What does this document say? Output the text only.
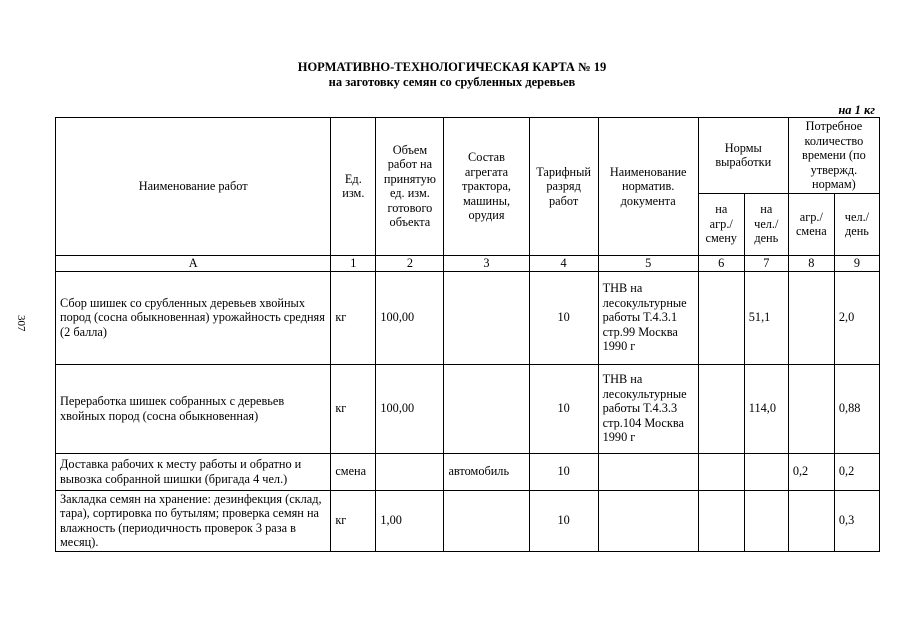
НОРМАТИВНО-ТЕХНОЛОГИЧЕСКАЯ КАРТА № 19
на заготовку семян со срубленных деревьев
на 1 кг
307
Наименование работ	Ед. изм.	Объем работ на принятую ед. изм. готового объекта	Состав агрегата трактора, машины, орудия	Тарифный разряд работ	Наименование норматив. документа	Нормы выработки		Потребное количество времени (по утвержд. нормам)	
						на агр./ смену	на чел./ день	агр./ смена	чел./ день
А	1	2	3	4	5	6	7	8	9
Сбор шишек со срубленных деревьев хвойных пород (сосна обыкновенная) урожайность средняя (2 балла)	кг	100,00		10	ТНВ на лесокультурные работы Т.4.3.1 стр.99 Москва 1990 г		51,1		2,0
Переработка шишек собранных с деревьев хвойных пород (сосна обыкновенная)	кг	100,00		10	ТНВ на лесокультурные работы Т.4.3.3 стр.104 Москва 1990 г		114,0		0,88
Доставка рабочих к месту работы и обратно и вывозка собранной шишки (бригада 4 чел.)	смена		автомобиль	10				0,2	0,2
Закладка семян на хранение: дезинфекция (склад, тара), сортировка по бутылям; проверка семян на влажность (периодичность проверок 3 раза в месяц).	кг	1,00		10					0,3
